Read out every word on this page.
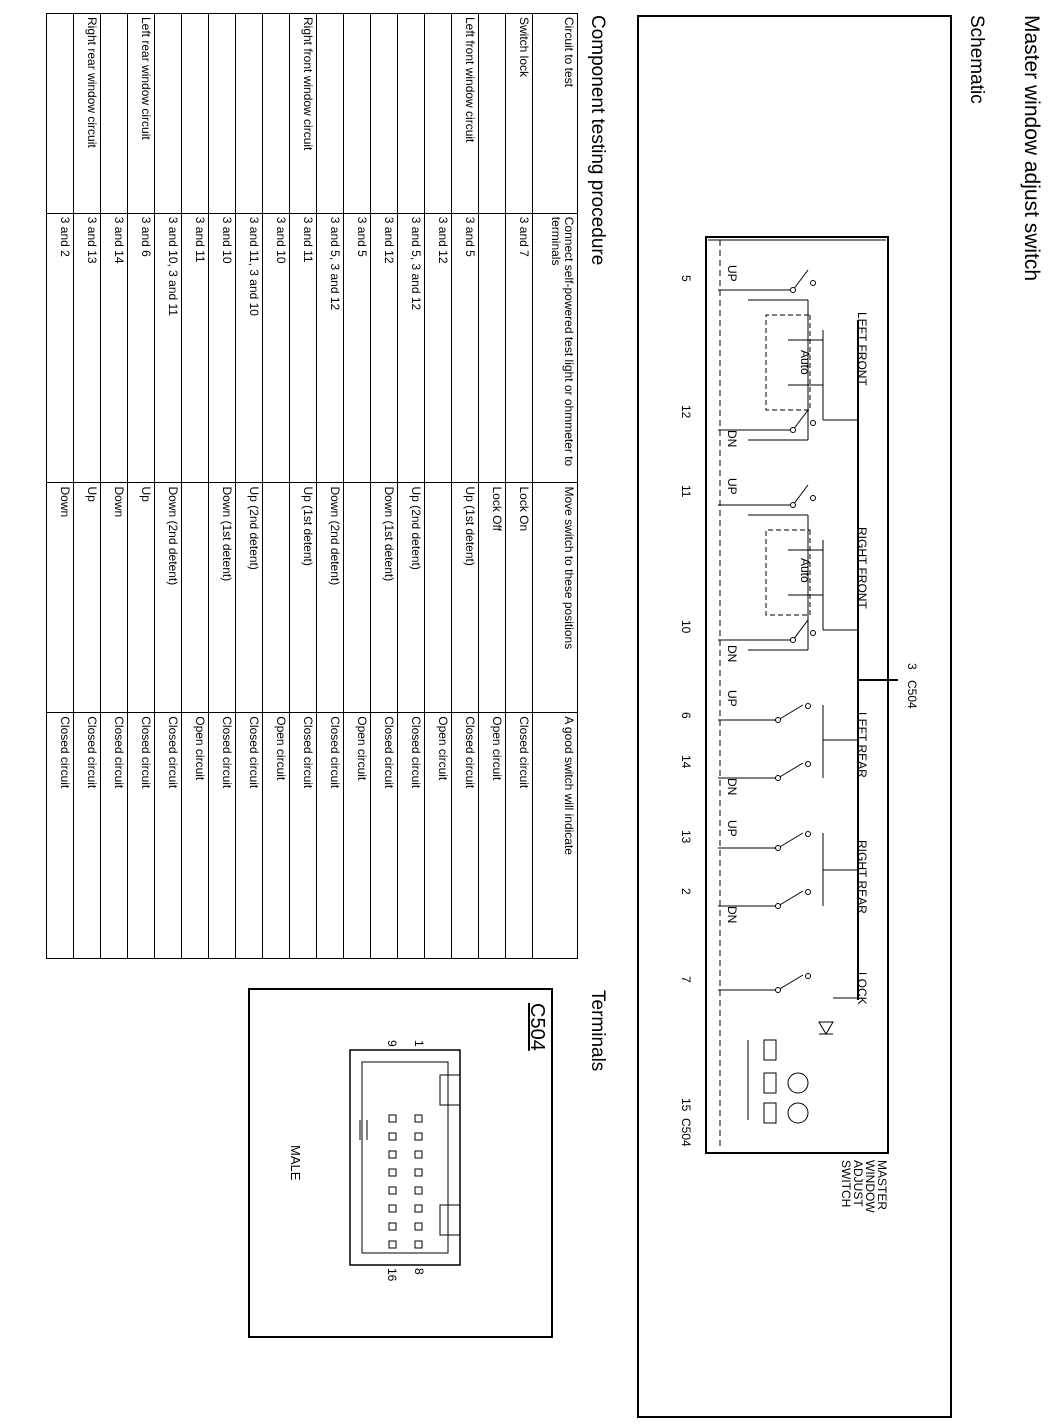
Master window adjust switch
Schematic
LEFT FRONT
RIGHT FRONT
LEFT REAR
RIGHT REAR
LOCK
Auto
Auto
UP
DN
UP
DN
UP
DN
UP
DN
5
12
11
10
6
14
13
2
7
15
C504
3
C504
MASTER
WINDOW
ADJUST
SWITCH
Component testing procedure
Circuit to test	Connect self-powered test light or ohmmeter to terminals	Move switch to these positions	A good switch will indicate
Switch lock	3 and 7	Lock On	Closed circuit
		Lock Off	Open circuit
Left front window circuit	3 and 5	Up (1st detent)	Closed circuit
	3 and 12		Open circuit
	3 and 5, 3 and 12	Up (2nd detent)	Closed circuit
	3 and 12	Down (1st detent)	Closed circuit
	3 and 5		Open circuit
	3 and 5, 3 and 12	Down (2nd detent)	Closed circuit
Right front window circuit	3 and 11	Up (1st detent)	Closed circuit
	3 and 10		Open circuit
	3 and 11, 3 and 10	Up (2nd detent)	Closed circuit
	3 and 10	Down (1st detent)	Closed circuit
	3 and 11		Open circuit
	3 and 10, 3 and 11	Down (2nd detent)	Closed circuit
Left rear window circuit	3 and 6	Up	Closed circuit
	3 and 14	Down	Closed circuit
Right rear window circuit	3 and 13	Up	Closed circuit
	3 and 2	Down	Closed circuit
Terminals
C504
MALE
1
9
8
16
